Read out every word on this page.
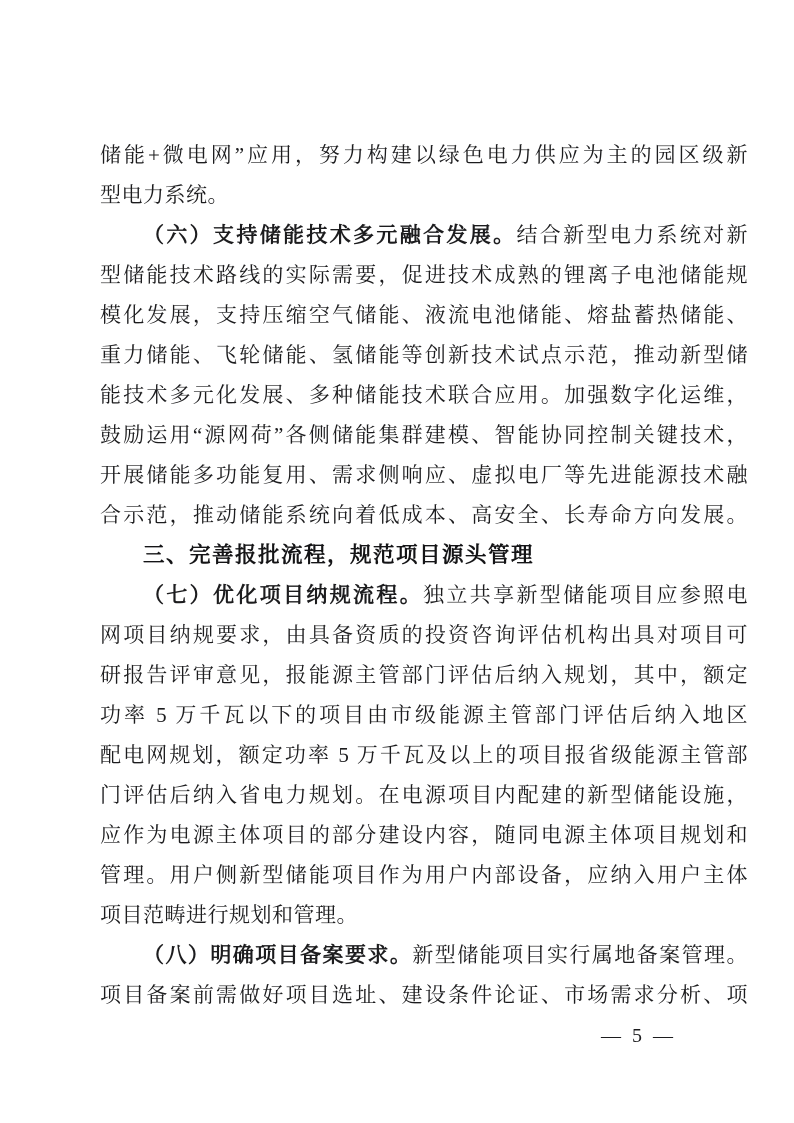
储能+微电网”应用，努力构建以绿色电力供应为主的园区级新
型电力系统。
（六）支持储能技术多元融合发展。结合新型电力系统对新
型储能技术路线的实际需要，促进技术成熟的锂离子电池储能规
模化发展，支持压缩空气储能、液流电池储能、熔盐蓄热储能、
重力储能、飞轮储能、氢储能等创新技术试点示范，推动新型储
能技术多元化发展、多种储能技术联合应用。加强数字化运维，
鼓励运用“源网荷”各侧储能集群建模、智能协同控制关键技术，
开展储能多功能复用、需求侧响应、虚拟电厂等先进能源技术融
合示范，推动储能系统向着低成本、高安全、长寿命方向发展。
三、完善报批流程，规范项目源头管理
（七）优化项目纳规流程。独立共享新型储能项目应参照电
网项目纳规要求，由具备资质的投资咨询评估机构出具对项目可
研报告评审意见，报能源主管部门评估后纳入规划，其中，额定
功率 5 万千瓦以下的项目由市级能源主管部门评估后纳入地区
配电网规划，额定功率 5 万千瓦及以上的项目报省级能源主管部
门评估后纳入省电力规划。在电源项目内配建的新型储能设施，
应作为电源主体项目的部分建设内容，随同电源主体项目规划和
管理。用户侧新型储能项目作为用户内部设备，应纳入用户主体
项目范畴进行规划和管理。
（八）明确项目备案要求。新型储能项目实行属地备案管理。
项目备案前需做好项目选址、建设条件论证、市场需求分析、项
— 5 —
